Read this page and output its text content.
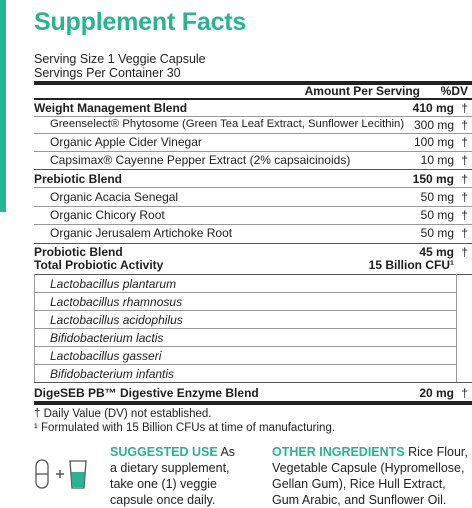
Supplement Facts
Serving Size 1 Veggie Capsule
Servings Per Container 30
Amount Per Serving %DV
Weight Management Blend	410 mg †
Greenselect® Phytosome (Green Tea Leaf Extract, Sunflower Lecithin) 300 mg †
Organic Apple Cider Vinegar	100 mg †
Capsimax® Cayenne Pepper Extract (2% capsaicinoids)	10 mg †
Prebiotic Blend	150 mg †
Organic Acacia Senegal	50 mg †
Organic Chicory Root	50 mg †
Organic Jerusalem Artichoke Root	50 mg †
Probiotic Blend	45 mg †
Total Probiotic Activity	15 Billion CFU¹
Lactobacillus plantarum
Lactobacillus rhamnosus
Lactobacillus acidophilus
Bifidobacterium lactis
Lactobacillus gasseri
Bifidobacterium infantis
DigeSEB PB™ Digestive Enzyme Blend	20 mg †
† Daily Value (DV) not established.
¹ Formulated with 15 Billion CFUs at time of manufacturing.
SUGGESTED USE As
a dietary supplement,
take one (1) veggie
capsule once daily.
OTHER INGREDIENTS Rice Flour,
Vegetable Capsule (Hypromellose,
Gellan Gum), Rice Hull Extract,
Gum Arabic, and Sunflower Oil.
